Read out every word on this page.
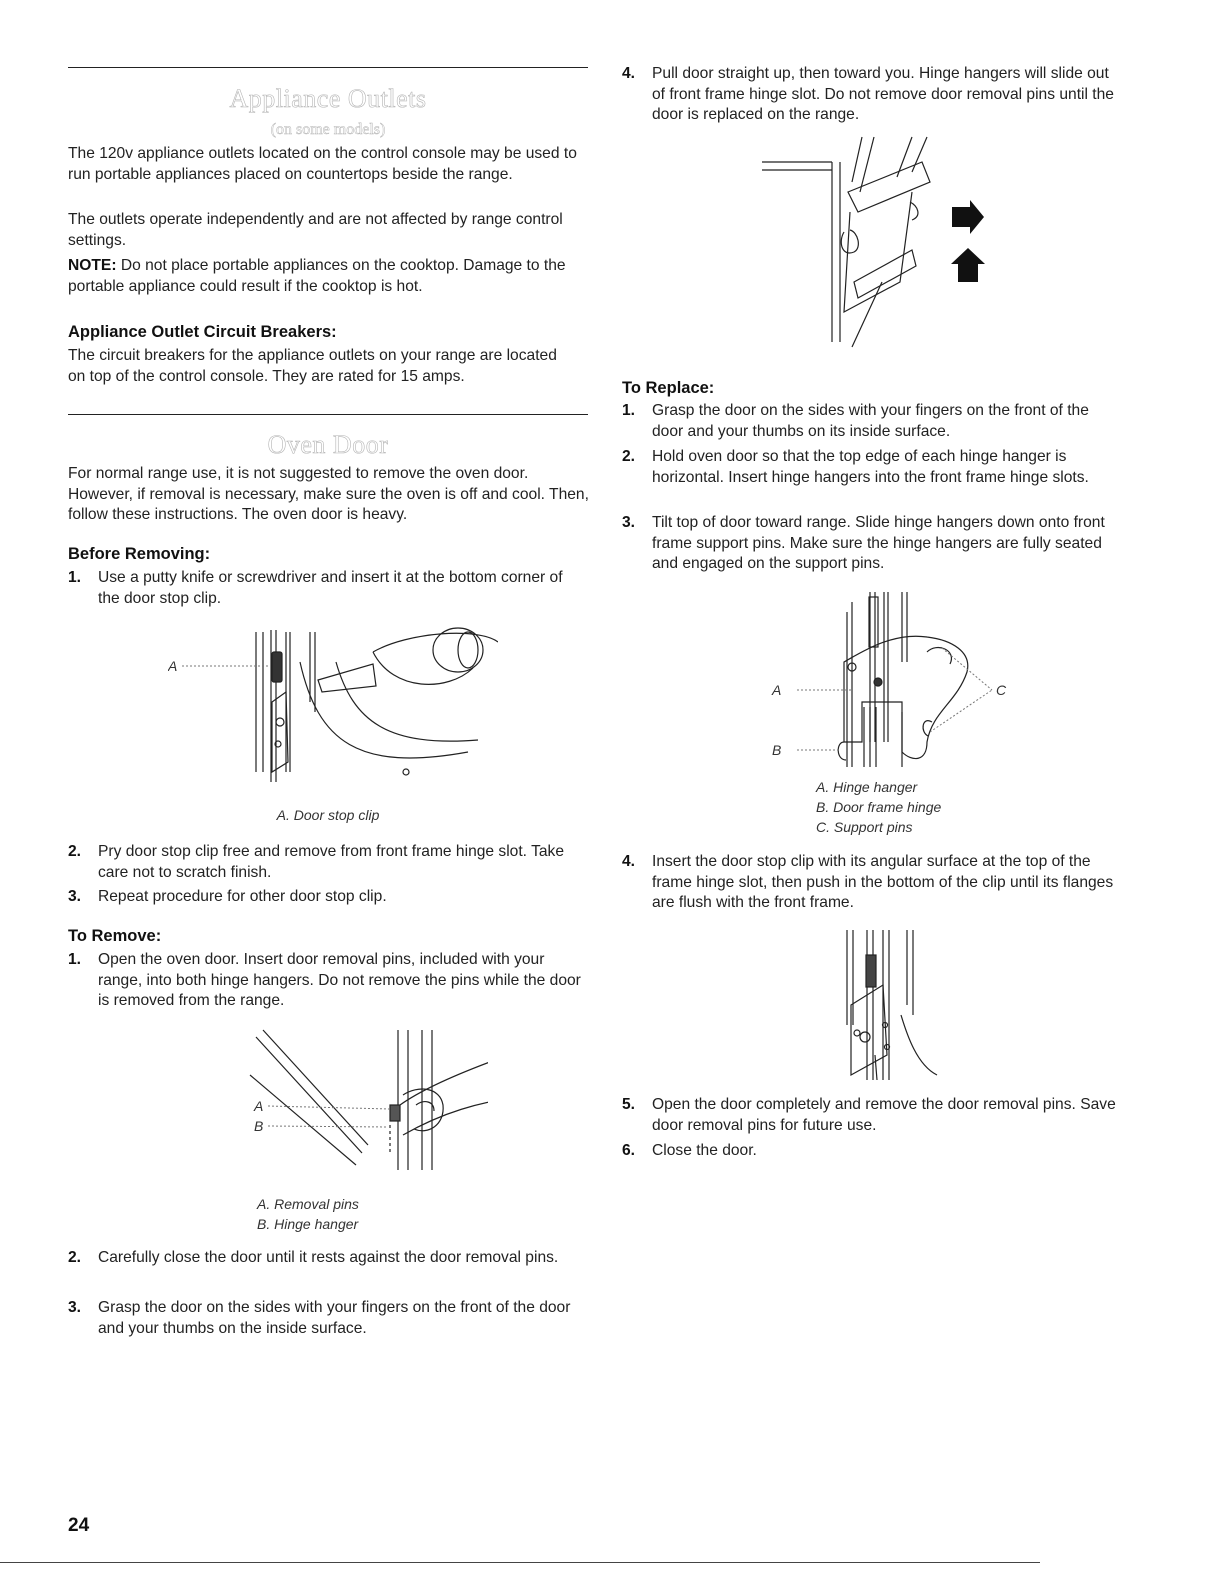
Appliance Outlets
(on some models)

The 120v appliance outlets located on the control console may be used to run portable appliances placed on countertops beside the range.

The outlets operate independently and are not affected by range control settings.

NOTE: Do not place portable appliances on the cooktop. Damage to the portable appliance could result if the cooktop is hot.

Appliance Outlet Circuit Breakers:

The circuit breakers for the appliance outlets on your range are located on top of the control console. They are rated for 15 amps.

Oven Door

For normal range use, it is not suggested to remove the oven door. However, if removal is necessary, make sure the oven is off and cool. Then, follow these instructions. The oven door is heavy.

Before Removing:

1. Use a putty knife or screwdriver and insert it at the bottom corner of the door stop clip.

A

A. Door stop clip

2. Pry door stop clip free and remove from front frame hinge slot. Take care not to scratch finish.

3. Repeat procedure for other door stop clip.

To Remove:

1. Open the oven door. Insert door removal pins, included with your range, into both hinge hangers. Do not remove the pins while the door is removed from the range.

A
B

A. Removal pins

B. Hinge hanger

2. Carefully close the door until it rests against the door removal pins.

3. Grasp the door on the sides with your fingers on the front of the door and your thumbs on the inside surface.

4. Pull door straight up, then toward you. Hinge hangers will slide out of front frame hinge slot. Do not remove door removal pins until the door is replaced on the range.

To Replace:

1. Grasp the door on the sides with your fingers on the front of the door and your thumbs on its inside surface.

2. Hold oven door so that the top edge of each hinge hanger is horizontal. Insert hinge hangers into the front frame hinge slots.

3. Tilt top of door toward range. Slide hinge hangers down onto front frame support pins. Make sure the hinge hangers are fully seated and engaged on the support pins.

A
B
C

A. Hinge hanger

B. Door frame hinge

C. Support pins

4. Insert the door stop clip with its angular surface at the top of the frame hinge slot, then push in the bottom of the clip until its flanges are flush with the front frame.

5. Open the door completely and remove the door removal pins. Save door removal pins for future use.

6. Close the door.

24
